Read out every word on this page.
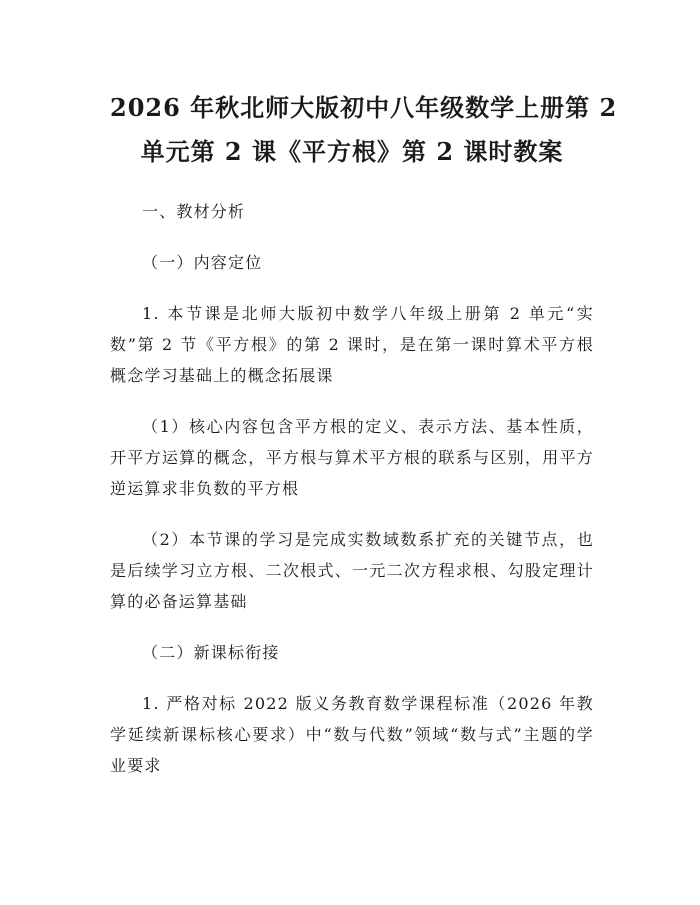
2026 年秋北师大版初中八年级数学上册第 2
单元第 2 课《平方根》第 2 课时教案

一、教材分析

（一）内容定位

1. 本节课是北师大版初中数学八年级上册第 2 单元“实数”第 2 节《平方根》的第 2 课时，是在第一课时算术平方根概念学习基础上的概念拓展课

（1）核心内容包含平方根的定义、表示方法、基本性质，开平方运算的概念，平方根与算术平方根的联系与区别，用平方逆运算求非负数的平方根

（2）本节课的学习是完成实数域数系扩充的关键节点，也是后续学习立方根、二次根式、一元二次方程求根、勾股定理计算的必备运算基础

（二）新课标衔接

1. 严格对标 2022 版义务教育数学课程标准（2026 年教学延续新课标核心要求）中“数与代数”领域“数与式”主题的学业要求
